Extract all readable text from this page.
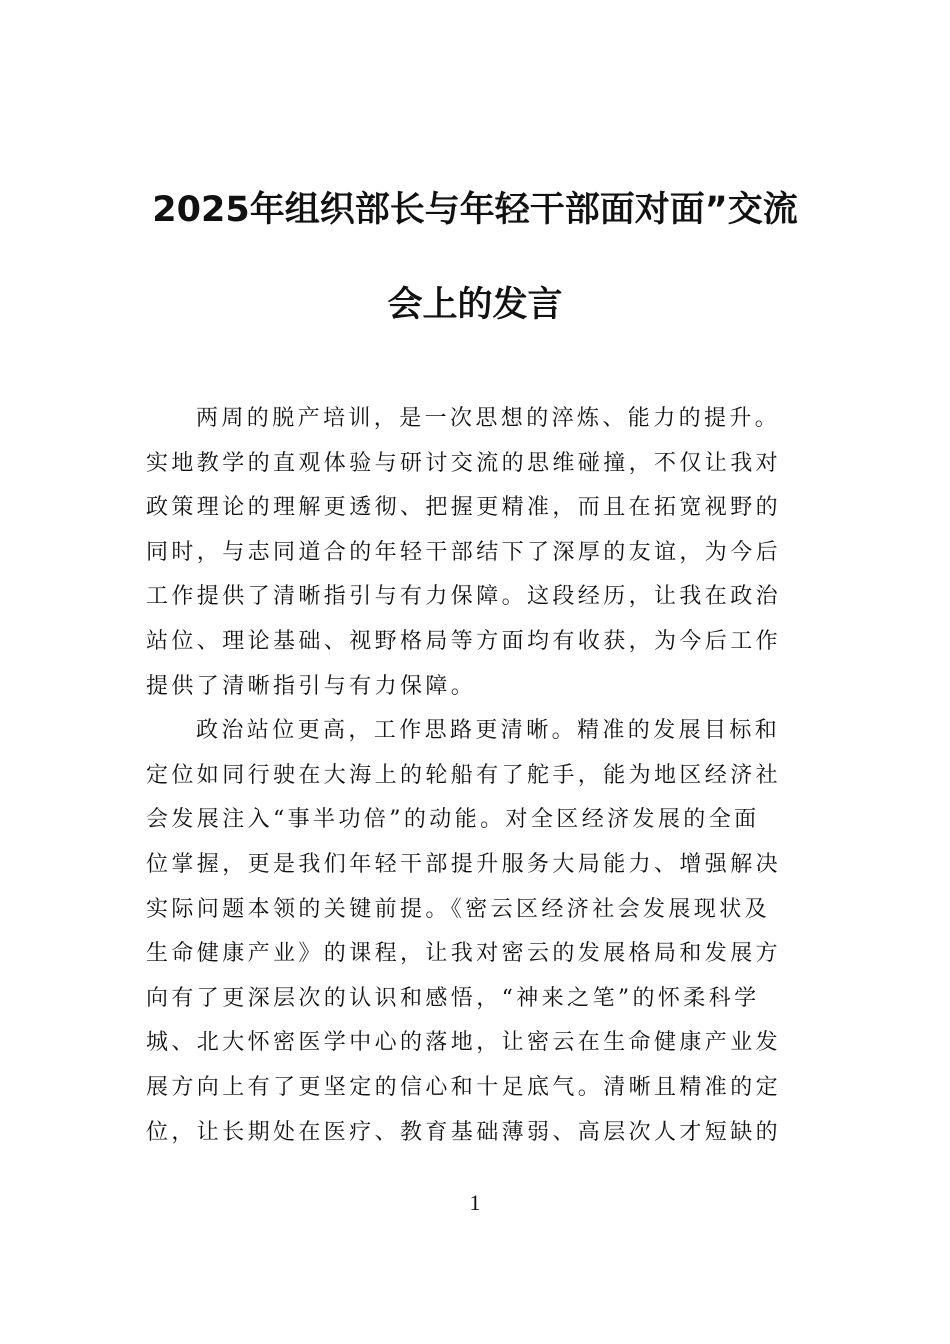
2025年组织部长与年轻干部面对面”交流
会上的发言
两周的脱产培训，是一次思想的淬炼、能力的提升。
实地教学的直观体验与研讨交流的思维碰撞，不仅让我对
政策理论的理解更透彻、把握更精准，而且在拓宽视野的
同时，与志同道合的年轻干部结下了深厚的友谊，为今后
工作提供了清晰指引与有力保障。这段经历，让我在政治
站位、理论基础、视野格局等方面均有收获，为今后工作
提供了清晰指引与有力保障。
政治站位更高，工作思路更清晰。精准的发展目标和
定位如同行驶在大海上的轮船有了舵手，能为地区经济社
会发展注入“事半功倍”的动能。对全区经济发展的全面
位掌握，更是我们年轻干部提升服务大局能力、增强解决
实际问题本领的关键前提。《密云区经济社会发展现状及
生命健康产业》的课程，让我对密云的发展格局和发展方
向有了更深层次的认识和感悟，“神来之笔”的怀柔科学
城、北大怀密医学中心的落地，让密云在生命健康产业发
展方向上有了更坚定的信心和十足底气。清晰且精准的定
位，让长期处在医疗、教育基础薄弱、高层次人才短缺的
1
